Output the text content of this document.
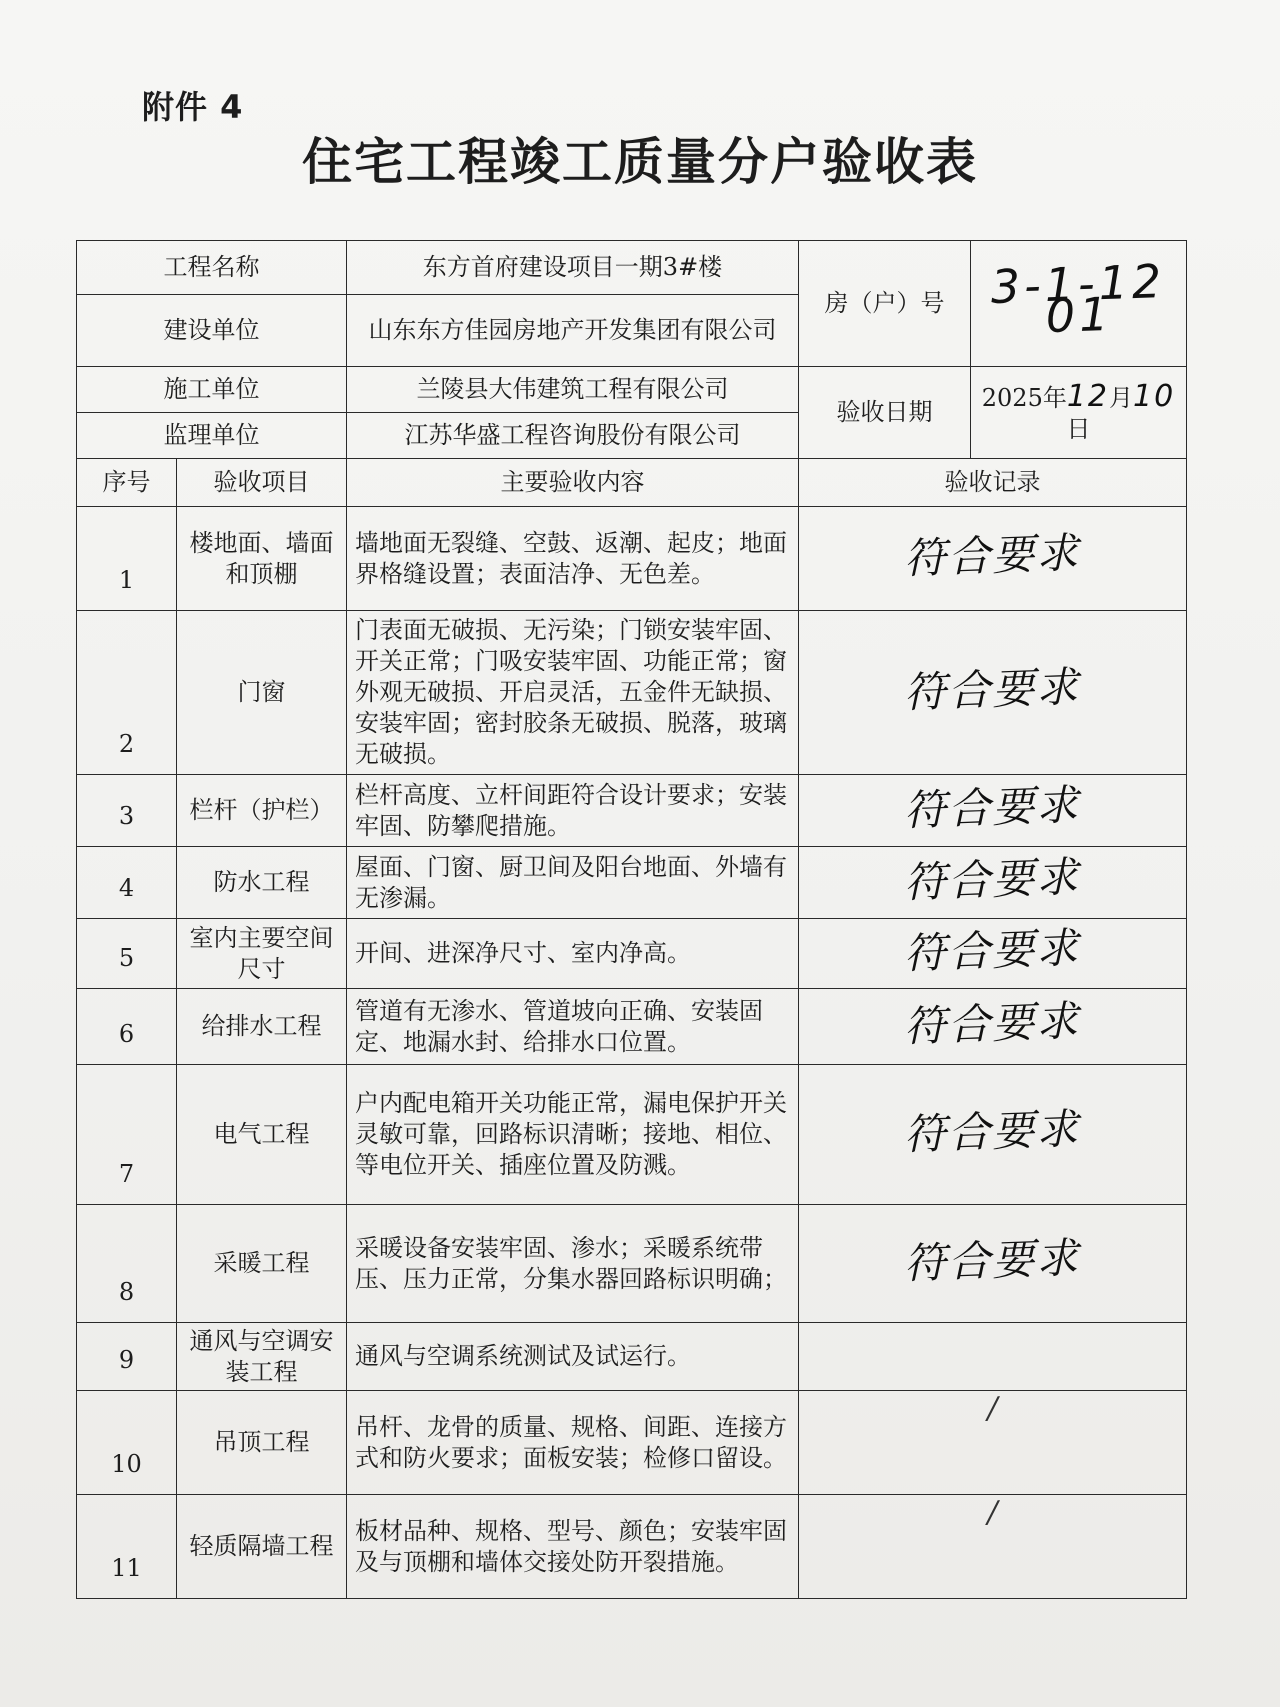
附件 4
住宅工程竣工质量分户验收表
工程名称		东方首府建设项目一期3#楼	房（户）号	3-1-1201
建设单位		山东东方佳园房地产开发集团有限公司		
施工单位		兰陵县大伟建筑工程有限公司	验收日期	2025年12月10日
监理单位		江苏华盛工程咨询股份有限公司		
序号	验收项目	主要验收内容	验收记录	
1	楼地面、墙面和顶棚	墙地面无裂缝、空鼓、返潮、起皮；地面界格缝设置；表面洁净、无色差。	符合要求	
2	门窗	门表面无破损、无污染；门锁安装牢固、开关正常；门吸安装牢固、功能正常；窗外观无破损、开启灵活，五金件无缺损、 安装牢固；密封胶条无破损、脱落，玻璃无破损。	符合要求	
3	栏杆（护栏）	栏杆高度、立杆间距符合设计要求；安装牢固、防攀爬措施。	符合要求	
4	防水工程	屋面、门窗、厨卫间及阳台地面、外墙有无渗漏。	符合要求	
5	室内主要空间尺寸	开间、进深净尺寸、室内净高。	符合要求	
6	给排水工程	管道有无渗水、管道坡向正确、安装固定、地漏水封、给排水口位置。	符合要求	
7	电气工程	户内配电箱开关功能正常，漏电保护开关灵敏可靠，回路标识清晰；接地、相位、等电位开关、插座位置及防溅。	符合要求	
8	采暖工程	采暖设备安装牢固、渗水；采暖系统带压、压力正常，分集水器回路标识明确；	符合要求	
9	通风与空调安装工程	通风与空调系统测试及试运行。		
10	吊顶工程	吊杆、龙骨的质量、规格、间距、连接方式和防火要求；面板安装；检修口留设。	/	
11	轻质隔墙工程	板材品种、规格、型号、颜色；安装牢固及与顶棚和墙体交接处防开裂措施。	/	
